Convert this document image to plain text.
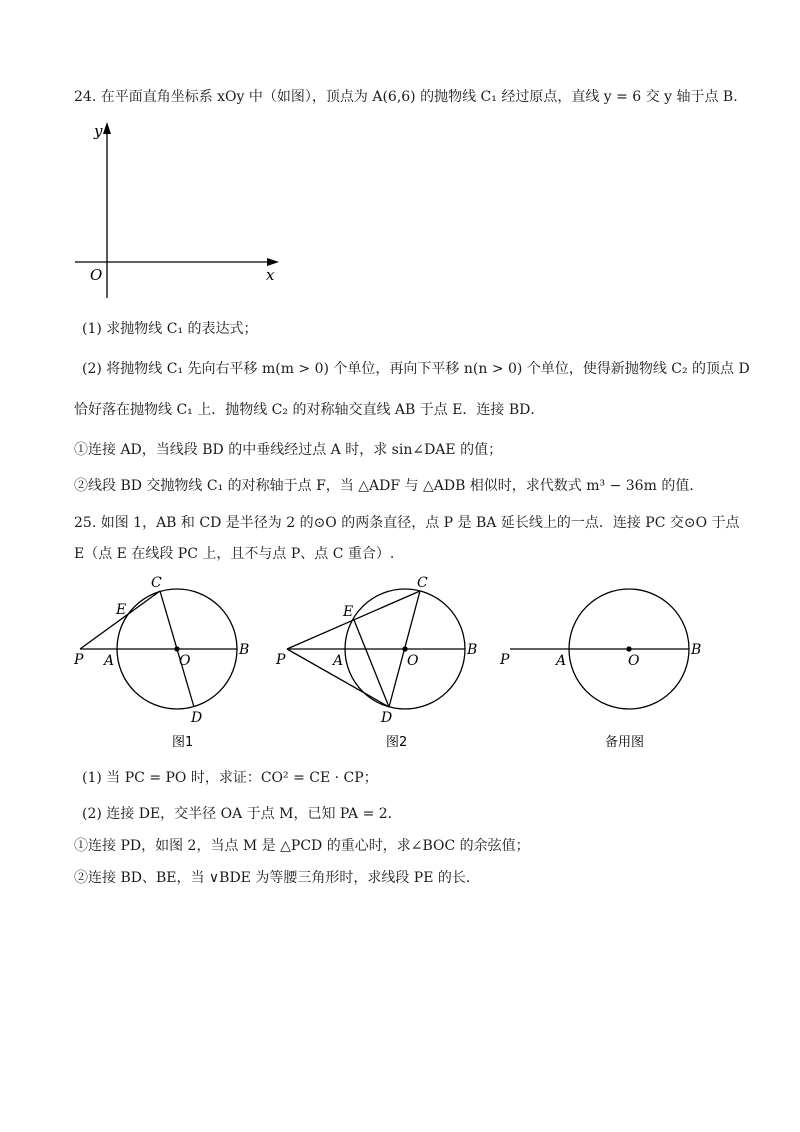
24. 在平面直角坐标系 xOy 中（如图），顶点为 A(6,6) 的抛物线 C₁ 经过原点，直线 y = 6 交 y 轴于点 B.
y
x
O
(1) 求抛物线 C₁ 的表达式；
(2) 将抛物线 C₁ 先向右平移 m(m > 0) 个单位，再向下平移 n(n > 0) 个单位，使得新抛物线 C₂ 的顶点 D
恰好落在抛物线 C₁ 上．抛物线 C₂ 的对称轴交直线 AB 于点 E．连接 BD．
①连接 AD，当线段 BD 的中垂线经过点 A 时，求 sin∠DAE 的值；
②线段 BD 交抛物线 C₁ 的对称轴于点 F，当 △ADF 与 △ADB 相似时，求代数式 m³ − 36m 的值.
25. 如图 1，AB 和 CD 是半径为 2 的⊙O 的两条直径，点 P 是 BA 延长线上的一点．连接 PC 交⊙O 于点
E（点 E 在线段 PC 上，且不与点 P、点 C 重合）.
P A	O
B
C
D
E
图1
P	A	O
B
C
D
E
图2
P	A	O
B
备用图
(1) 当 PC = PO 时，求证：CO² = CE · CP；
(2) 连接 DE，交半径 OA 于点 M，已知 PA = 2．
①连接 PD，如图 2，当点 M 是 △PCD 的重心时，求∠BOC 的余弦值；
②连接 BD、BE，当 ∨BDE 为等腰三角形时，求线段 PE 的长.
